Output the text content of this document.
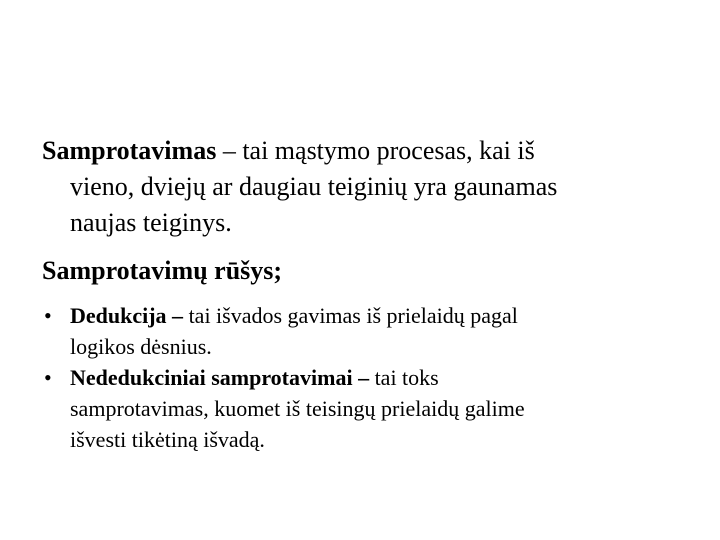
Samprotavimas – tai mąstymo procesas, kai iš
vieno, dviejų ar daugiau teiginių yra gaunamas
naujas teiginys.
Samprotavimų rūšys;
• Dedukcija – tai išvados gavimas iš prielaidų pagal
logikos dėsnius.
• Nededukciniai samprotavimai – tai toks
samprotavimas, kuomet iš teisingų prielaidų galime
išvesti tikėtiną išvadą.
